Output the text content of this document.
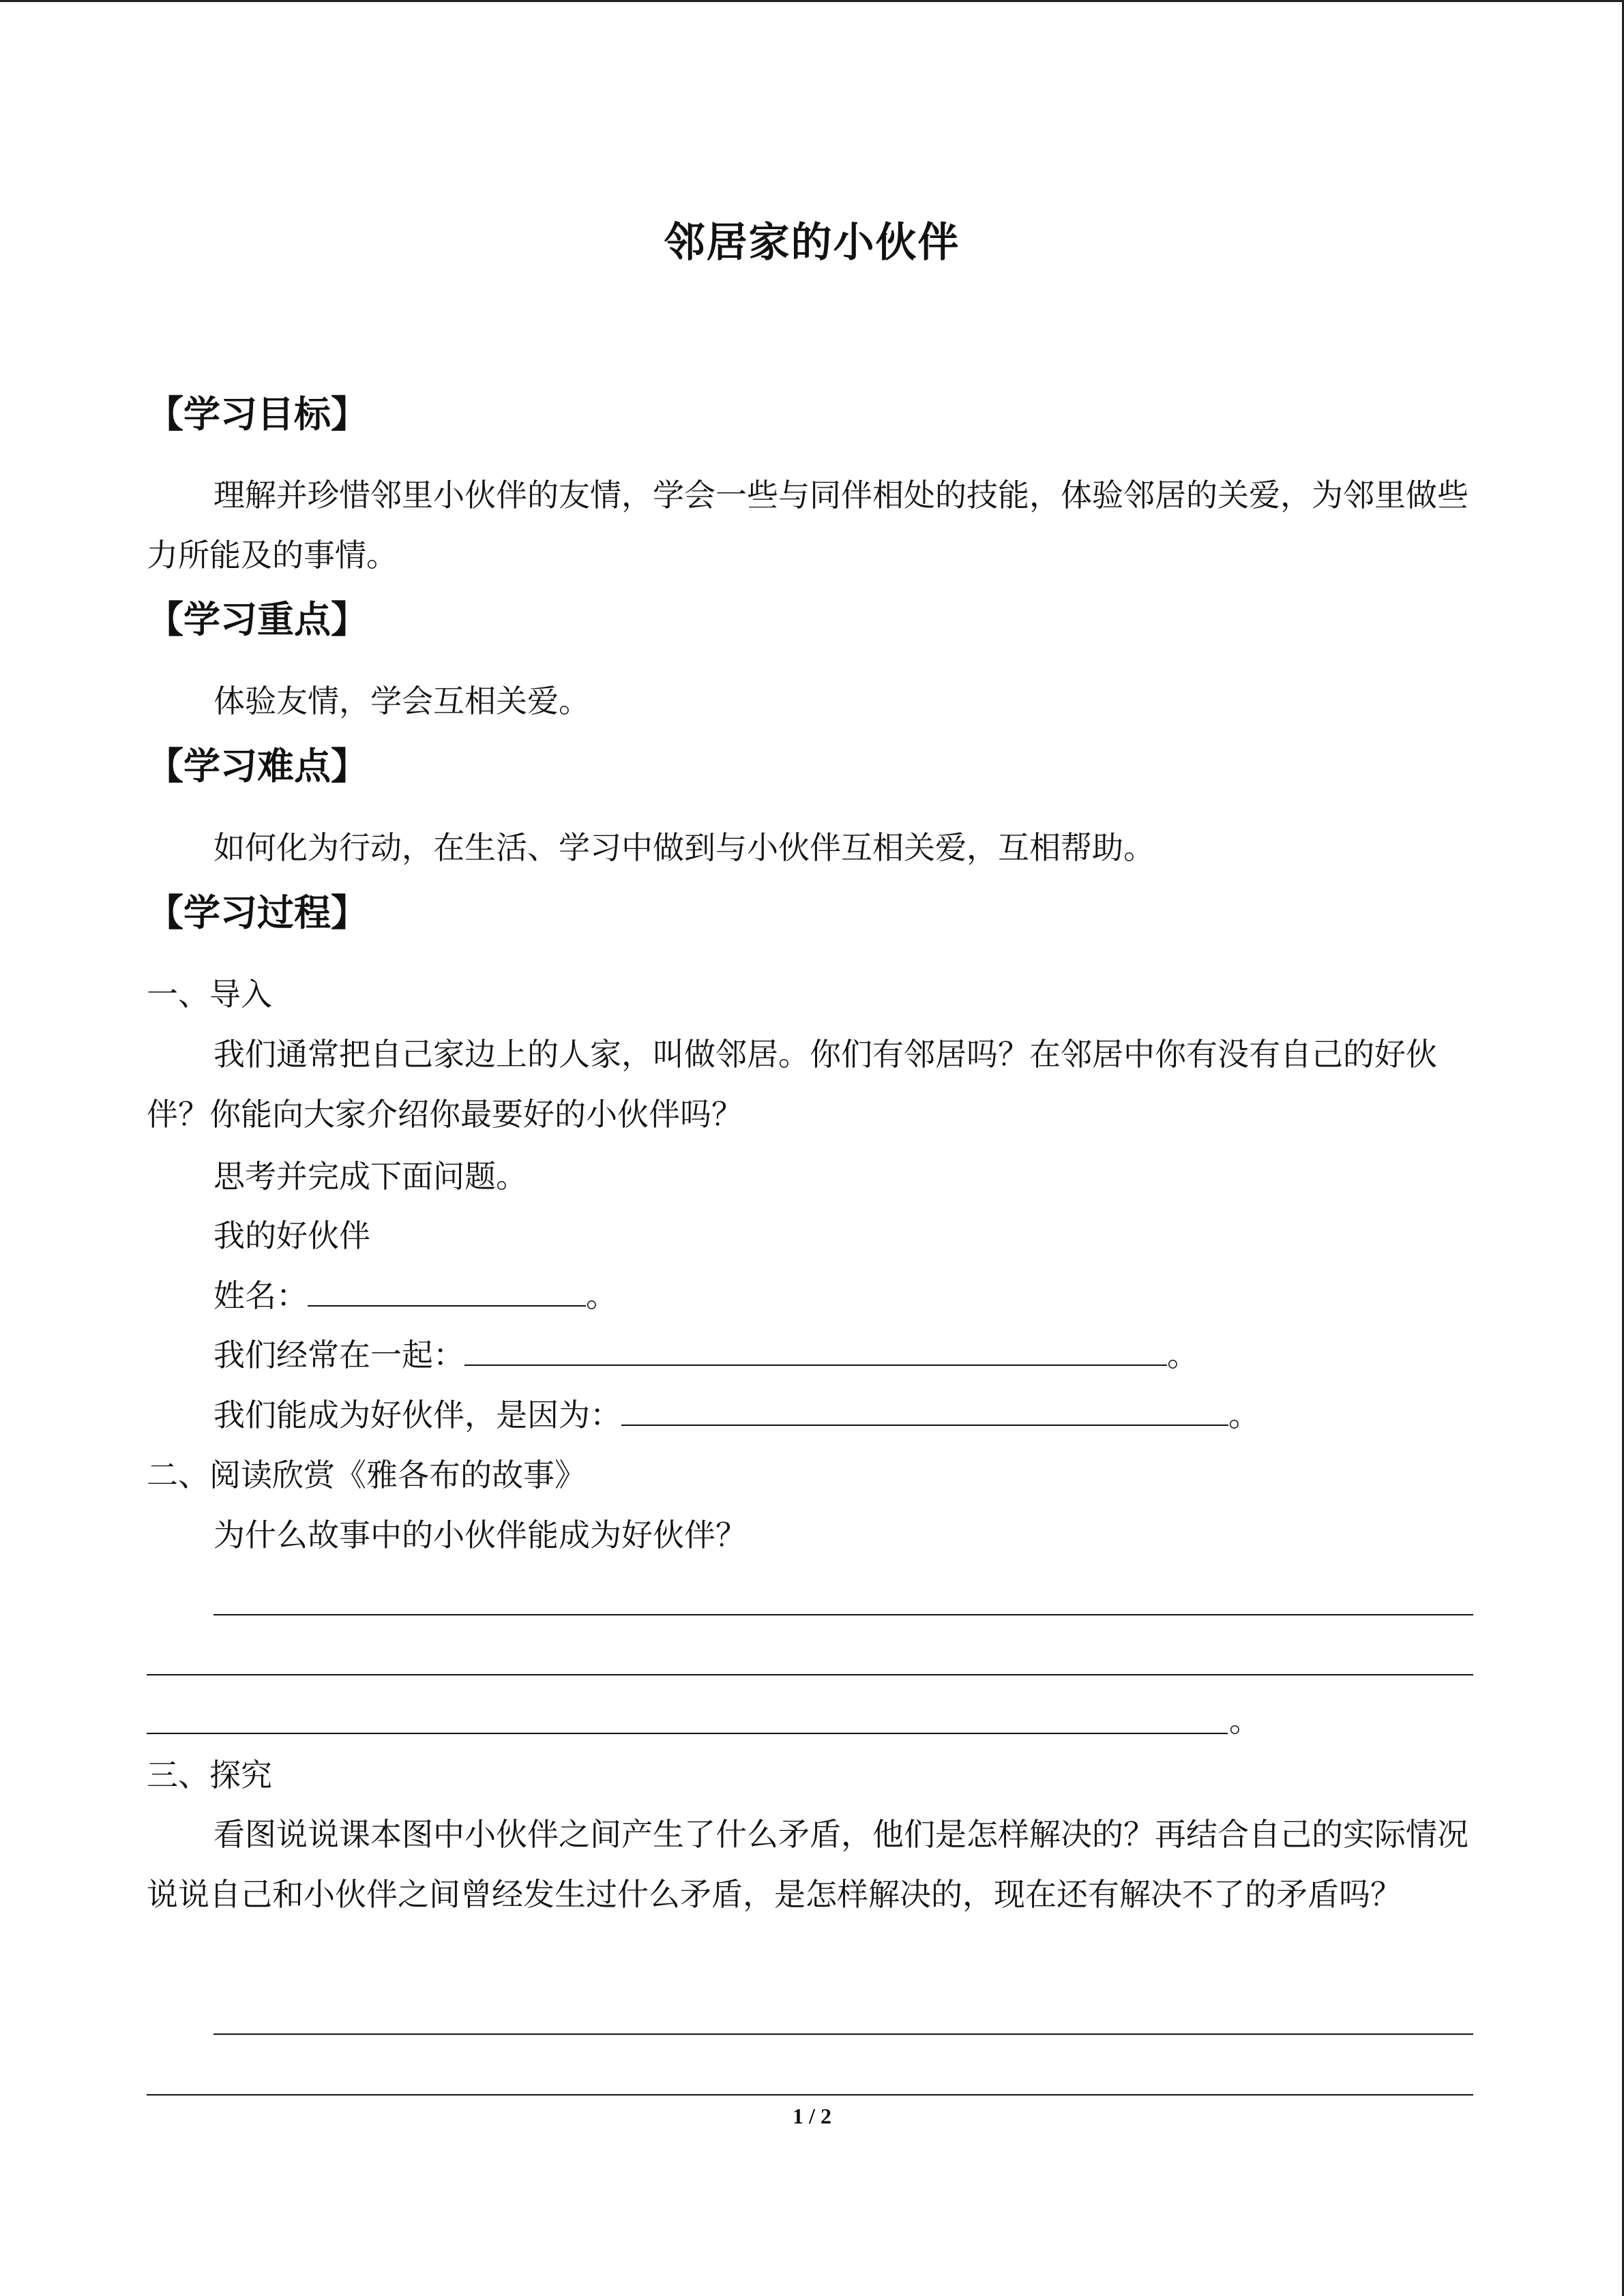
邻居家的小伙伴
【学习目标】
理解并珍惜邻里小伙伴的友情，学会一些与同伴相处的技能，体验邻居的关爱，为邻里做些力所能及的事情。
【学习重点】
体验友情，学会互相关爱。
【学习难点】
如何化为行动，在生活、学习中做到与小伙伴互相关爱，互相帮助。
【学习过程】
一、导入
我们通常把自己家边上的人家，叫做邻居。你们有邻居吗？在邻居中你有没有自己的好伙伴？你能向大家介绍你最要好的小伙伴吗？
思考并完成下面问题。
我的好伙伴
姓名：	。
我们经常在一起：	。
我们能成为好伙伴，是因为：	。
二、阅读欣赏《雅各布的故事》
为什么故事中的小伙伴能成为好伙伴？
。
三、探究
看图说说课本图中小伙伴之间产生了什么矛盾，他们是怎样解决的？再结合自己的实际情况说说自己和小伙伴之间曾经发生过什么矛盾，是怎样解决的，现在还有解决不了的矛盾吗？
1 / 2
